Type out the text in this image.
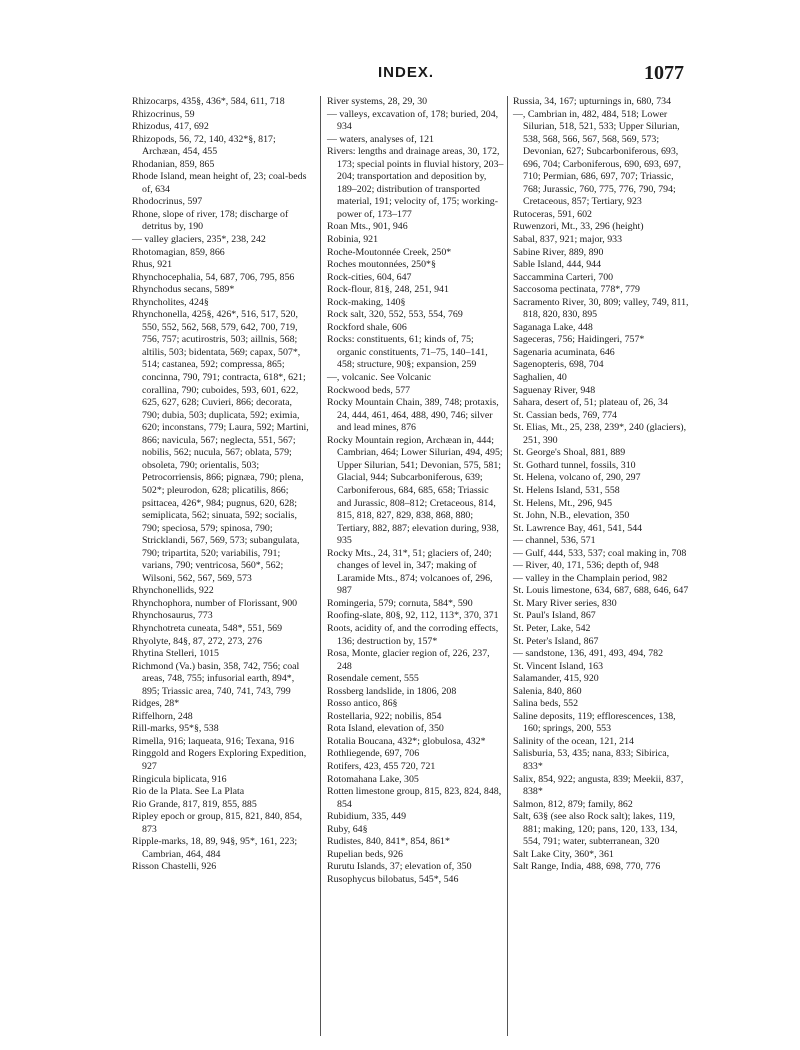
INDEX.	1077

Rhizocarps, 435§, 436*, 584, 611, 718

Rhizocrinus, 59

Rhizodus, 417, 692

Rhizopods, 56, 72, 140, 432*§, 817; Archæan, 454, 455

Rhodanian, 859, 865

Rhode Island, mean height of, 23; coal-beds of, 634

Rhodocrinus, 597

Rhone, slope of river, 178; discharge of detritus by, 190

— valley glaciers, 235*, 238, 242

Rhotomagian, 859, 866

Rhus, 921

Rhynchocephalia, 54, 687, 706, 795, 856

Rhynchodus secans, 589*

Rhyncholites, 424§

Rhynchonella, 425§, 426*, 516, 517, 520, 550, 552, 562, 568, 579, 642, 700, 719, 756, 757; acutirostris, 503; aillnis, 568; altilis, 503; bidentata, 569; capax, 507*, 514; castanea, 592; compressa, 865; concinna, 790, 791; contracta, 618*, 621; corallina, 790; cuboides, 593, 601, 622, 625, 627, 628; Cuvieri, 866; decorata, 790; dubia, 503; duplicata, 592; eximia, 620; inconstans, 779; Laura, 592; Martini, 866; navicula, 567; neglecta, 551, 567; nobilis, 562; nucula, 567; oblata, 579; obsoleta, 790; orientalis, 503; Petrocorriensis, 866; pignæa, 790; plena, 502*; pleurodon, 628; plicatilis, 866; psittacea, 426*, 984; pugnus, 620, 628; semiplicata, 562; sinuata, 592; socialis, 790; speciosa, 579; spinosa, 790; Stricklandi, 567, 569, 573; subangulata, 790; tripartita, 520; variabilis, 791; varians, 790; ventricosa, 560*, 562; Wilsoni, 562, 567, 569, 573

Rhynchonellids, 922

Rhynchophora, number of Florissant, 900

Rhynchosaurus, 773

Rhynchotreta cuneata, 548*, 551, 569

Rhyolyte, 84§, 87, 272, 273, 276

Rhytina Stelleri, 1015

Richmond (Va.) basin, 358, 742, 756; coal areas, 748, 755; infusorial earth, 894*, 895; Triassic area, 740, 741, 743, 799

Ridges, 28*

Riffelhorn, 248

Rill-marks, 95*§, 538

Rimella, 916; laqueata, 916; Texana, 916

Ringgold and Rogers Exploring Expedition, 927

Ringicula biplicata, 916

Rio de la Plata. See La Plata

Rio Grande, 817, 819, 855, 885

Ripley epoch or group, 815, 821, 840, 854, 873

Ripple-marks, 18, 89, 94§, 95*, 161, 223; Cambrian, 464, 484

Risson Chastelli, 926

River systems, 28, 29, 30

— valleys, excavation of, 178; buried, 204, 934

— waters, analyses of, 121

Rivers: lengths and drainage areas, 30, 172, 173; special points in fluvial history, 203–204; transportation and deposition by, 189–202; distribution of transported material, 191; velocity of, 175; working-power of, 173–177

Roan Mts., 901, 946

Robinia, 921

Roche-Moutonnée Creek, 250*

Roches moutonnées, 250*§

Rock-cities, 604, 647

Rock-flour, 81§, 248, 251, 941

Rock-making, 140§

Rock salt, 320, 552, 553, 554, 769

Rockford shale, 606

Rocks: constituents, 61; kinds of, 75; organic constituents, 71–75, 140–141, 458; structure, 90§; expansion, 259

—, volcanic. See Volcanic

Rockwood beds, 577

Rocky Mountain Chain, 389, 748; protaxis, 24, 444, 461, 464, 488, 490, 746; silver and lead mines, 876

Rocky Mountain region, Archæan in, 444; Cambrian, 464; Lower Silurian, 494, 495; Upper Silurian, 541; Devonian, 575, 581; Glacial, 944; Subcarboniferous, 639; Carboniferous, 684, 685, 658; Triassic and Jurassic, 808–812; Cretaceous, 814, 815, 818, 827, 829, 838, 868, 880; Tertiary, 882, 887; elevation during, 938, 935

Rocky Mts., 24, 31*, 51; glaciers of, 240; changes of level in, 347; making of Laramide Mts., 874; volcanoes of, 296, 987

Romingeria, 579; cornuta, 584*, 590

Roofing-slate, 80§, 92, 112, 113*, 370, 371

Roots, acidity of, and the corroding effects, 136; destruction by, 157*

Rosa, Monte, glacier region of, 226, 237, 248

Rosendale cement, 555

Rossberg landslide, in 1806, 208

Rosso antico, 86§

Rostellaria, 922; nobilis, 854

Rota Island, elevation of, 350

Rotalia Boucana, 432*; globulosa, 432*

Rothliegende, 697, 706

Rotifers, 423, 455 720, 721

Rotomahana Lake, 305

Rotten limestone group, 815, 823, 824, 848, 854

Rubidium, 335, 449

Ruby, 64§

Rudistes, 840, 841*, 854, 861*

Rupelian beds, 926

Rurutu Islands, 37; elevation of, 350

Rusophycus bilobatus, 545*, 546

Russia, 34, 167; upturnings in, 680, 734

—, Cambrian in, 482, 484, 518; Lower Silurian, 518, 521, 533; Upper Silurian, 538, 568, 566, 567, 568, 569, 573; Devonian, 627; Subcarboniferous, 693, 696, 704; Carboniferous, 690, 693, 697, 710; Permian, 686, 697, 707; Triassic, 768; Jurassic, 760, 775, 776, 790, 794; Cretaceous, 857; Tertiary, 923

Rutoceras, 591, 602

Ruwenzori, Mt., 33, 296 (height)

Sabal, 837, 921; major, 933

Sabine River, 889, 890

Sable Island, 444, 944

Saccammina Carteri, 700

Saccosoma pectinata, 778*, 779

Sacramento River, 30, 809; valley, 749, 811, 818, 820, 830, 895

Saganaga Lake, 448

Sageceras, 756; Haidingeri, 757*

Sagenaria acuminata, 646

Sagenopteris, 698, 704

Saghalien, 40

Saguenay River, 948

Sahara, desert of, 51; plateau of, 26, 34

St. Cassian beds, 769, 774

St. Elias, Mt., 25, 238, 239*, 240 (glaciers), 251, 390

St. George's Shoal, 881, 889

St. Gothard tunnel, fossils, 310

St. Helena, volcano of, 290, 297

St. Helens Island, 531, 558

St. Helens, Mt., 296, 945

St. John, N.B., elevation, 350

St. Lawrence Bay, 461, 541, 544

— channel, 536, 571

— Gulf, 444, 533, 537; coal making in, 708

— River, 40, 171, 536; depth of, 948

— valley in the Champlain period, 982

St. Louis limestone, 634, 687, 688, 646, 647

St. Mary River series, 830

St. Paul's Island, 867

St. Peter, Lake, 542

St. Peter's Island, 867

— sandstone, 136, 491, 493, 494, 782

St. Vincent Island, 163

Salamander, 415, 920

Salenia, 840, 860

Salina beds, 552

Saline deposits, 119; efflorescences, 138, 160; springs, 200, 553

Salinity of the ocean, 121, 214

Salisburia, 53, 435; nana, 833; Sibirica, 833*

Salix, 854, 922; angusta, 839; Meekii, 837, 838*

Salmon, 812, 879; family, 862

Salt, 63§ (see also Rock salt); lakes, 119, 881; making, 120; pans, 120, 133, 134, 554, 791; water, subterranean, 320

Salt Lake City, 360*, 361

Salt Range, India, 488, 698, 770, 776
